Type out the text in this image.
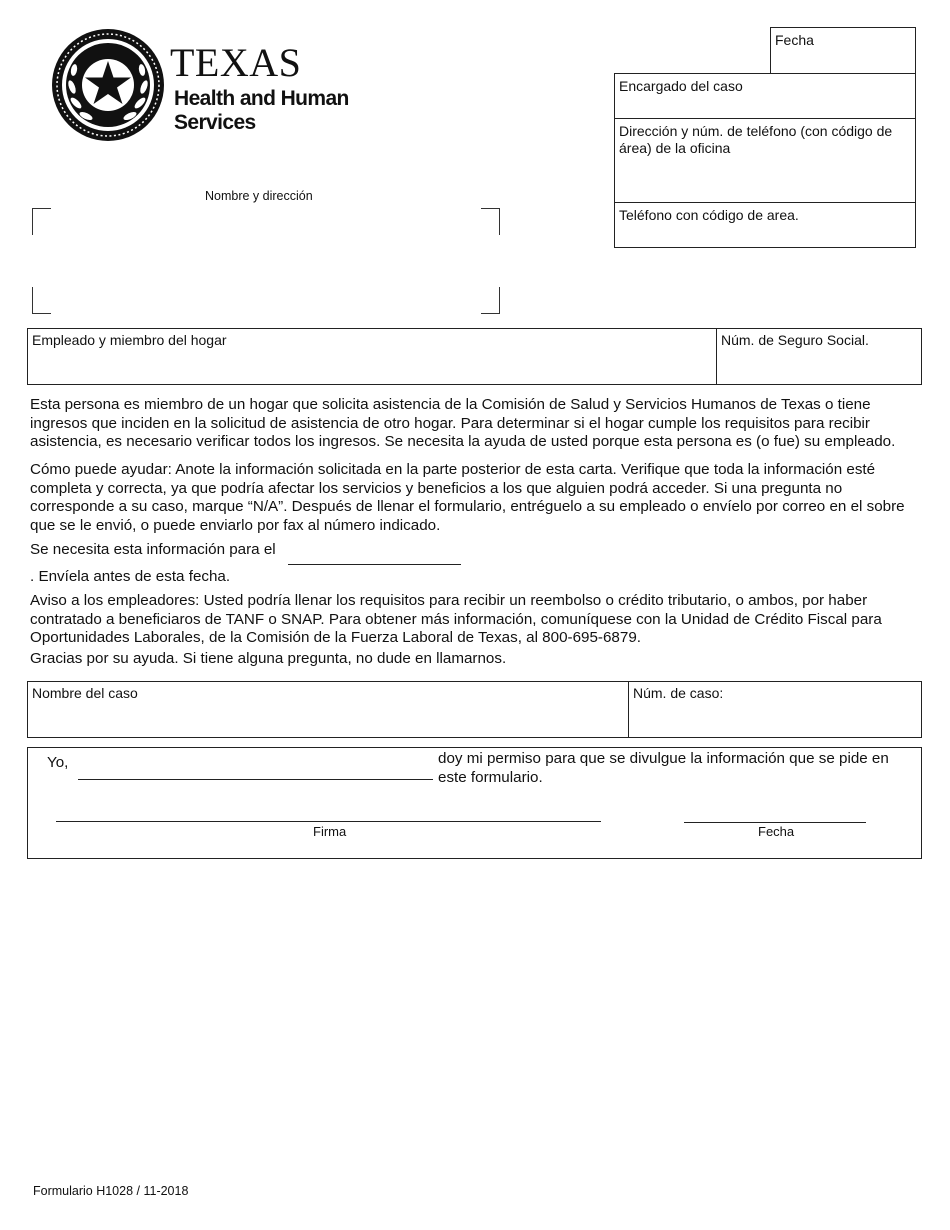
TEXAS
Health and Human
Services
Fecha
Encargado del caso
Dirección y núm. de teléfono (con código de área) de la oficina
Teléfono con código de area.
Nombre y dirección
Empleado y miembro del hogar	Núm. de Seguro Social.
Esta persona es miembro de un hogar que solicita asistencia de la Comisión de Salud y Servicios Humanos de Texas o tiene ingresos que inciden en la solicitud de asistencia de otro hogar. Para determinar si el hogar cumple los requisitos para recibir asistencia, es necesario verificar todos los ingresos. Se necesita la ayuda de usted porque esta persona es (o fue) su empleado.
Cómo puede ayudar: Anote la información solicitada en la parte posterior de esta carta. Verifique que toda la información esté completa y correcta, ya que podría afectar los servicios y beneficios a los que alguien podrá acceder. Si una pregunta no corresponde a su caso, marque “N/A”. Después de llenar el formulario, entréguelo a su empleado o envíelo por correo en el sobre que se le envió, o puede enviarlo por fax al número indicado.
Se necesita esta información para el
. Envíela antes de esta fecha.
Aviso a los empleadores: Usted podría llenar los requisitos para recibir un reembolso o crédito tributario, o ambos, por haber contratado a beneficiaros de TANF o SNAP. Para obtener más información, comuníquese con la Unidad de Crédito Fiscal para Oportunidades Laborales, de la Comisión de la Fuerza Laboral de Texas, al 800-695-6879.
Gracias por su ayuda. Si tiene alguna pregunta, no dude en llamarnos.
Nombre del caso	Núm. de caso:
Yo,	doy mi permiso para que se divulgue la información que se pide en este formulario.
Firma	Fecha
Formulario H1028 / 11-2018
